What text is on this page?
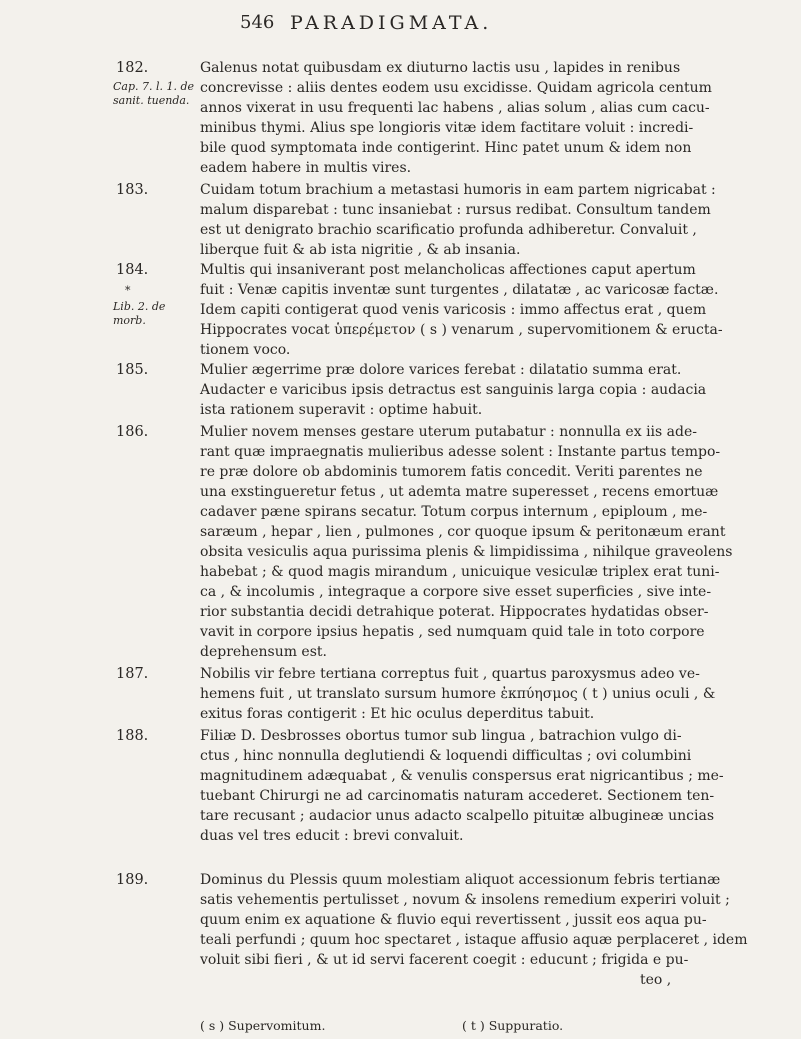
546 PARADIGMATA.
182.
Cap. 7. l. 1. de
sanit. tuenda.
Galenus notat quibusdam ex diuturno lactis usu , lapides in renibus
concrevisse : aliis dentes eodem usu excidisse. Quidam agricola centum
annos vixerat in usu frequenti lac habens , alias solum , alias cum cacu-
minibus thymi. Alius spe longioris vitæ idem factitare voluit : incredi-
bile quod symptomata inde contigerint. Hinc patet unum & idem non
eadem habere in multis vires.
183.	Cuidam totum brachium a metastasi humoris in eam partem nigricabat :
malum disparebat : tunc insaniebat : rursus redibat. Consultum tandem
est ut denigrato brachio scarificatio profunda adhiberetur. Convaluit ,
liberque fuit & ab ista nigritie , & ab insania.
184.
*
Lib. 2. de
morb.
Multis qui insaniverant post melancholicas affectiones caput apertum
fuit : Venæ capitis inventæ sunt turgentes , dilatatæ , ac varicosæ factæ.
Idem capiti contigerat quod venis varicosis : immo affectus erat , quem
Hippocrates vocat ὑπερέμετον ( s ) venarum , supervomitionem & eructa-
tionem voco.
185.	Mulier ægerrime præ dolore varices ferebat : dilatatio summa erat.
Audacter e varicibus ipsis detractus est sanguinis larga copia : audacia
ista rationem superavit : optime habuit.
186.	Mulier novem menses gestare uterum putabatur : nonnulla ex iis ade-
rant quæ impraegnatis mulieribus adesse solent : Instante partus tempo-
re præ dolore ob abdominis tumorem fatis concedit. Veriti parentes ne
una exstingueretur fetus , ut ademta matre superesset , recens emortuæ
cadaver pæne spirans secatur. Totum corpus internum , epiploum , me-
saræum , hepar , lien , pulmones , cor quoque ipsum & peritonæum erant
obsita vesiculis aqua purissima plenis & limpidissima , nihilque graveolens
habebat ; & quod magis mirandum , unicuique vesiculæ triplex erat tuni-
ca , & incolumis , integraque a corpore sive esset superficies , sive inte-
rior substantia decidi detrahique poterat. Hippocrates hydatidas obser-
vavit in corpore ipsius hepatis , sed numquam quid tale in toto corpore
deprehensum est.
187.	Nobilis vir febre tertiana correptus fuit , quartus paroxysmus adeo ve-
hemens fuit , ut translato sursum humore ἐκπύησμος ( t ) unius oculi , &
exitus foras contigerit : Et hic oculus deperditus tabuit.
188.	Filiæ D. Desbrosses obortus tumor sub lingua , batrachion vulgo di-
ctus , hinc nonnulla deglutiendi & loquendi difficultas ; ovi columbini
magnitudinem adæquabat , & venulis conspersus erat nigricantibus ; me-
tuebant Chirurgi ne ad carcinomatis naturam accederet. Sectionem ten-
tare recusant ; audacior unus adacto scalpello pituitæ albugineæ uncias
duas vel tres educit : brevi convaluit.
189.	Dominus du Plessis quum molestiam aliquot accessionum febris tertianæ
satis vehementis pertulisset , novum & insolens remedium experiri voluit ;
quum enim ex aquatione & fluvio equi revertissent , jussit eos aqua pu-
teali perfundi ; quum hoc spectaret , istaque affusio aquæ perplaceret , idem
voluit sibi fieri , & ut id servi facerent coegit : educunt ; frigida e pu-
teo ,
( s ) Supervomitum.	( t ) Suppuratio.
